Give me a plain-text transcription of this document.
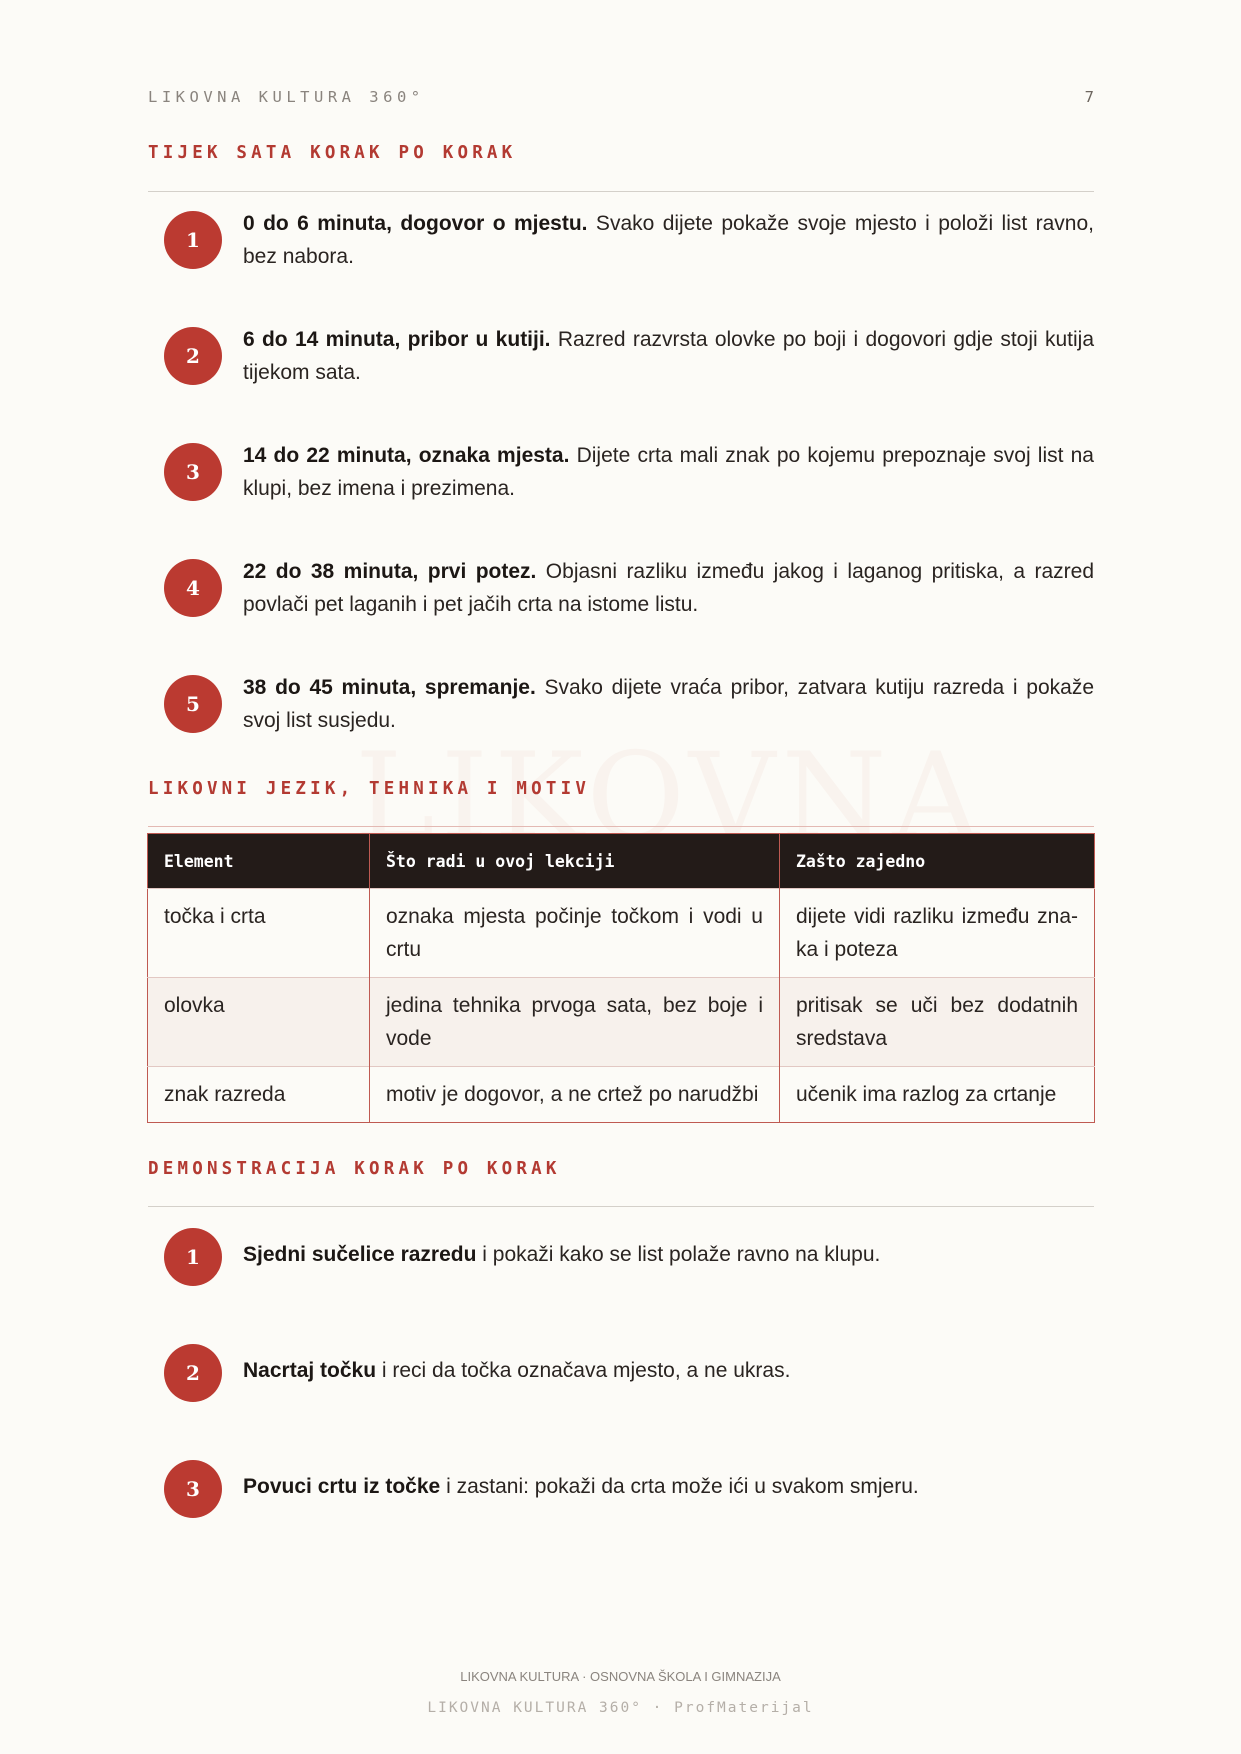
LIKOVNA KULTURA 360°	7
TIJEK SATA KORAK PO KORAK
1
0 do 6 minuta, dogovor o mjestu. Svako dijete pokaže svoje mjesto i položi list ravno, bez nabora.
2
6 do 14 minuta, pribor u kutiji. Razred razvrsta olovke po boji i dogovori gdje stoji kutija tijekom sata.
3
14 do 22 minuta, oznaka mjesta. Dijete crta mali znak po kojemu prepoznaje svoj list na klupi, bez imena i prezimena.
4
22 do 38 minuta, prvi potez. Objasni razliku između jakog i laganog pritiska, a razred povlači pet laganih i pet jačih crta na istome listu.
5
38 do 45 minuta, spremanje. Svako dijete vraća pribor, zatvara kutiju razreda i pokaže svoj list susjedu.
LIKOVNI JEZIK, TEHNIKA I MOTIV
Element	Što radi u ovoj lekciji	Zašto zajedno
točka i crta	oznaka mjesta počinje točkom i vodi u crtu	dijete vidi razliku između zna-ka i poteza
olovka	jedina tehnika prvoga sata, bez boje i vode	pritisak se uči bez dodatnih sredstava
znak razreda	motiv je dogovor, a ne crtež po narudžbi	učenik ima razlog za crtanje
DEMONSTRACIJA KORAK PO KORAK
1	Sjedni sučelice razredu i pokaži kako se list polaže ravno na klupu.
2	Nacrtaj točku i reci da točka označava mjesto, a ne ukras.
3	Povuci crtu iz točke i zastani: pokaži da crta može ići u svakom smjeru.
LIKOVNA KULTURA · OSNOVNA ŠKOLA I GIMNAZIJA
LIKOVNA KULTURA 360° · ProfMaterijal
